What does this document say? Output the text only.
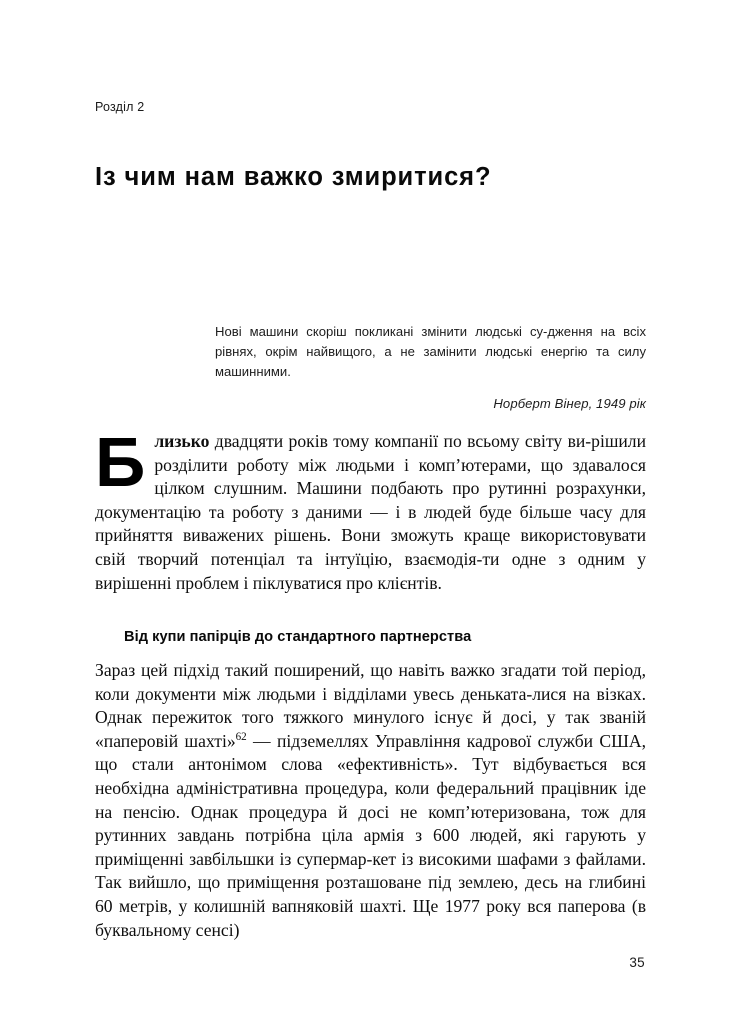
Розділ 2
Із чим нам важко змиритися?

Нові машини скоріш покликані змінити людські су-дження на всіх рівнях, окрім найвищого, а не замінити людські енергію та силу машинними.

Норберт Вінер, 1949 рік

Близько двадцяти років тому компанії по всьому світу ви-рішили розділити роботу між людьми і комп’ютерами, що здавалося цілком слушним. Машини подбають про рутинні розрахунки, документацію та роботу з даними — і в людей буде більше часу для прийняття виважених рішень. Вони зможуть краще використовувати свій творчий потенціал та інтуїцію, взаємодія-ти одне з одним у вирішенні проблем і піклуватися про клієнтів.

Від купи папірців до стандартного партнерства

Зараз цей підхід такий поширений, що навіть важко згадати той період, коли документи між людьми і відділами увесь деньката-лися на візках. Однак пережиток того тяжкого минулого існує й досі, у так званій «паперовій шахті»$^{62}$ — підземеллях Управління кадрової служби США, що стали антонімом слова «ефективність». Тут відбувається вся необхідна адміністративна процедура, коли федеральний працівник іде на пенсію. Однак процедура й досі не комп’ютеризована, тож для рутинних завдань потрібна ціла армія з 600 людей, які гарують у приміщенні завбільшки із супермар-кет із високими шафами з файлами. Так вийшло, що приміщення розташоване під землею, десь на глибині 60 метрів, у колишній вапняковій шахті. Ще 1977 року вся паперова (в буквальному сенсі)

35
